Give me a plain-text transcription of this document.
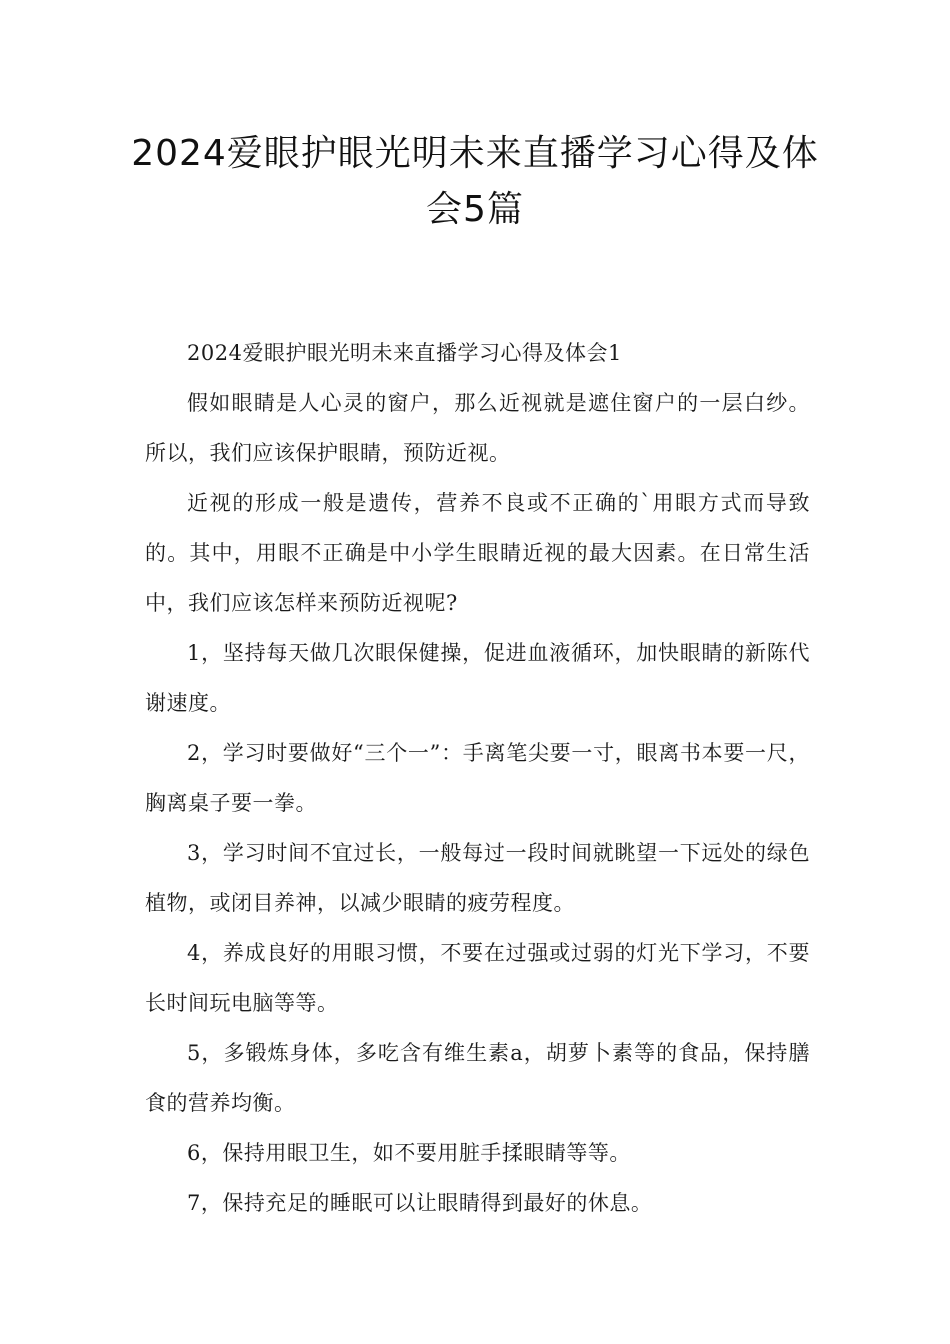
2024爱眼护眼光明未来直播学习心得及体会5篇

2024爱眼护眼光明未来直播学习心得及体会1

假如眼睛是人心灵的窗户，那么近视就是遮住窗户的一层白纱。所以，我们应该保护眼睛，预防近视。

近视的形成一般是遗传，营养不良或不正确的`用眼方式而导致的。其中，用眼不正确是中小学生眼睛近视的最大因素。在日常生活中，我们应该怎样来预防近视呢?

1，坚持每天做几次眼保健操，促进血液循环，加快眼睛的新陈代谢速度。

2，学习时要做好“三个一”：手离笔尖要一寸，眼离书本要一尺，胸离桌子要一拳。

3，学习时间不宜过长，一般每过一段时间就眺望一下远处的绿色植物，或闭目养神，以减少眼睛的疲劳程度。

4，养成良好的用眼习惯，不要在过强或过弱的灯光下学习，不要长时间玩电脑等等。

5，多锻炼身体，多吃含有维生素a，胡萝卜素等的食品，保持膳食的营养均衡。

6，保持用眼卫生，如不要用脏手揉眼睛等等。

7，保持充足的睡眠可以让眼睛得到最好的休息。
